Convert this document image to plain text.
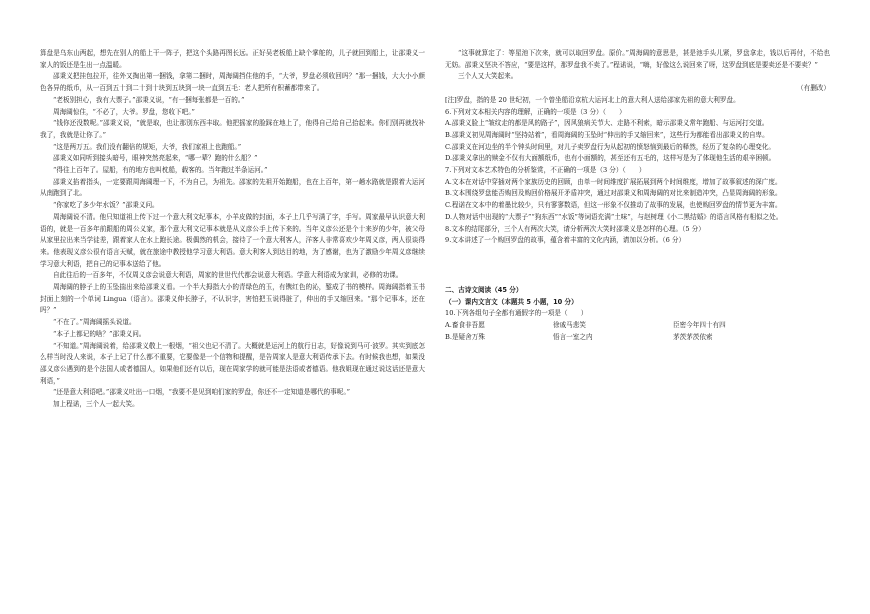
算盘是乌东山两起，想先在别人的船上干一阵子，把这个头路再图长远。正好吴老板船上缺个掌舵的，儿子就回到船上，让邵秉义一家人的饭还是生出一点温暖。

邵秉义把挂包拉开，往外又掏出第一捆钱，拿第二捆时，周海阔挡住他的手，“大爷，罗盘必须收回吗？”那一捆钱，大大小小颜色各异的纸币，从一百到五十到二十到十块到五块到一块一直到五毛：老人把所有积蓄都带来了。

“老板别担心，我有大票子。”邵秉义说，“有一捆每张都是一百的。”

周海阔惊住，“不必了，大爷。罗盘，您收下吧。”

“钱你还没数呢。”邵秉义说，“就是取，也让那别东西丰取。他把摇家的脸踩在地上了，他得自己给自己拾起来。你们别再就找补我了，我就是让你了。”

“这是两万五。我们没有翻倍的规矩，大爷，我们家祖上也跑船。”

邵秉义如同听到接头暗号，眼神突然亮起来，“哪一辈？跑的什么船？”

“得往上百年了。屋船，有的地方也叫枕船，载客的。当年跑过半条运河。”

邵秉义掐着指头，一定要跟周海阔理一下，不为自己，为祖先。邵家的先祖开始跑船，也在上百年，第一趟水路就是跟着大运河从南跑到了北。

“你家吃了多少年水饭？”邵秉义问。

周海阔说不清。他只知道祖上传下过一个意大利文纪事本，小羊皮做的封面，本子上几乎写满了字，手写。周家最早认识意大利语的，就是一百多年前跟船的周公义家，那个意大利文记事本就是从义彦公手上传下来的。当年义彦公还是个十来岁的少年，被父母从家里拉出来当学徒差，跟着家人在水上跑长途。极偶然的机会，接待了一个意大利客人，洋客人非常喜欢少年周义彦，两人很谈得来。他表现义彦公很有语言天赋，就在旅途中教授他学习意大利语。意大利客人到达目的地，为了感谢，也为了激励少年周义彦继续学习意大利语，把自己的记事本送给了他。

自此往后的一百多年，不仅周义彦会说意大利语，周家的世世代代都会说意大利语。学意大利语成为家训，必修的功课。

周海阔的脖子上的玉坠揣出来给邵秉义看。一个半大拇指大小的青绿色的玉，有镌红色的沁，錾成了书的模样。周海阔指着玉书封面上刻的一个单词 Lingua（语言）。邵秉义伸长脖子，不认识字，害怕把玉说得脏了，伸出的手又缩回来。“那个记事本，还在吗？”

“不在了。”周海阔摇头说道。

“本子上都记的啥？”邵秉义问。

“不知道。”周海阔说着，给邵秉义敬上一根烟，“祖父也记不清了。大概就是运河上的航行日志，好像说到马可·波罗。其实到底怎么样当时没人来说，本子上记了什么都不重要，它要像是一个信物和提醒，是告周家人是意大利语传承下去。有时候我也想，如果没邵义彦公遇到的是个法国人或者德国人，如果他们还有以后，现在周家学的就可能是法语或者德语。他我姐现在通过说这话还是意大利语，”

“还是意大利语吧。”邵秉义吐出一口烟，“我要不是见到咱们家的罗盘，你还不一定知道是哪代的事呢。”

加上程诺，三个人一起大笑。

“这事就算定了：等星池下次来，就可以取回罗盘。原价。”周海阔的意思是，甚是池手头儿紧，罗盘拿走，钱以后再付，不给也无妨。邵秉义坚决不答应，“要是这样，那罗盘我不卖了。”程诺说，“嗨，好像这么说回来了呀，这罗盘到底是要卖还是不要卖？”

三个人又大笑起来。

（有删改）

[注]罗盘，指的是 20 世纪初，一个曾坐船沿京杭大运河北上的意大利人送给邵家先祖的意大利罗盘。

6.下列对文本相关内容的理解，正确的一项是（3 分）（　　）

A.邵秉义脸上“皱纹走的都是风的路子”，因风狼病关节大、走路不利索，暗示邵秉义常年跑船、与运河打交道。

B.邵秉义初见周海阔时“坚持站着”，看周海阔的玉坠时“伸出的手又缩回来”，这些行为都能看出邵秉义的自卑。

C.邵秉义在河边坐的半个钟头时间里，对儿子卖罗盘行为从起初的愤怒恼到最后的释然，经历了复杂的心理变化。

D.邵秉义拿出的赎金不仅有大面额纸币，也有小面额的，甚至还有五毛的，这样写是为了体现他生活的艰辛困顿。

7.下列对文本艺术特色的分析鉴赏，不正确的一项是（3 分）（　　）

A.文本在对话中穿插对两个家族历史的回顾，由单一时间维度扩展拓展到两个时间维度，增加了故事叙述的深广度。

B.文本围绕罗盘能否购回及购回价格展开矛盾冲突，通过对邵秉义和周海阔的对比来制造冲突，凸显周海阔的形象。

C.程诺在文本中的着墨比较少，只有寥寥数语，但这一形象不仅推动了故事的发展，也使购回罗盘的情节更为丰富。

D.人物对话中出现的“大票子”“狗东西”“水饭”等词语充满“土味”，与赵树理《小二黑结婚》的语言风格有相似之处。

8.文本的结尾部分，三个人有两次大笑，请分析两次大笑时邵秉义是怎样的心理。（5 分）

9.文本讲述了一个购回罗盘的故事，蕴含着丰富的文化内涵，请加以分析。（6 分）

二、古诗文阅读（45 分）

（一）课内文言文（本题共 5 小题，10 分）

10.下列各组句子全都有通假字的一项是（　　）

A.畜食非吾愿	徐戚马悲笑	臣密今年四十有四
B.是疑舍万殊	悟言一室之内	茅茨茅茨依索
